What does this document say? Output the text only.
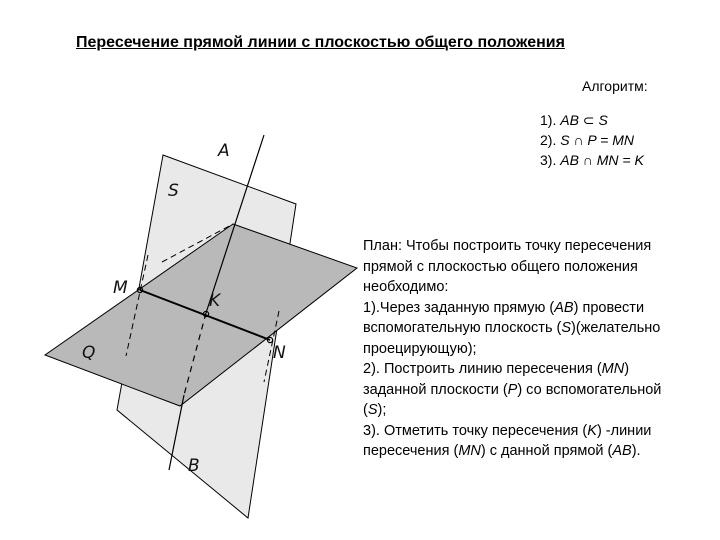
Пересечение прямой линии с плоскостью общего положения
Алгоритм:
1). AB ⊂ S
2). S ∩ P = MN
3). AB ∩ MN = K
План: Чтобы построить точку пересечения
прямой с плоскостью общего положения
необходимо:
1).Через заданную прямую (AB) провести
вспомогательную плоскость (S)(желательно
проецирующую);
2). Построить линию пересечения (MN)
заданной плоскости (P) со вспомогательной
(S);
3). Отметить точку пересечения (K) -линии
пересечения (MN) с данной прямой (AB).
A
S
M
K
N
Q
B
